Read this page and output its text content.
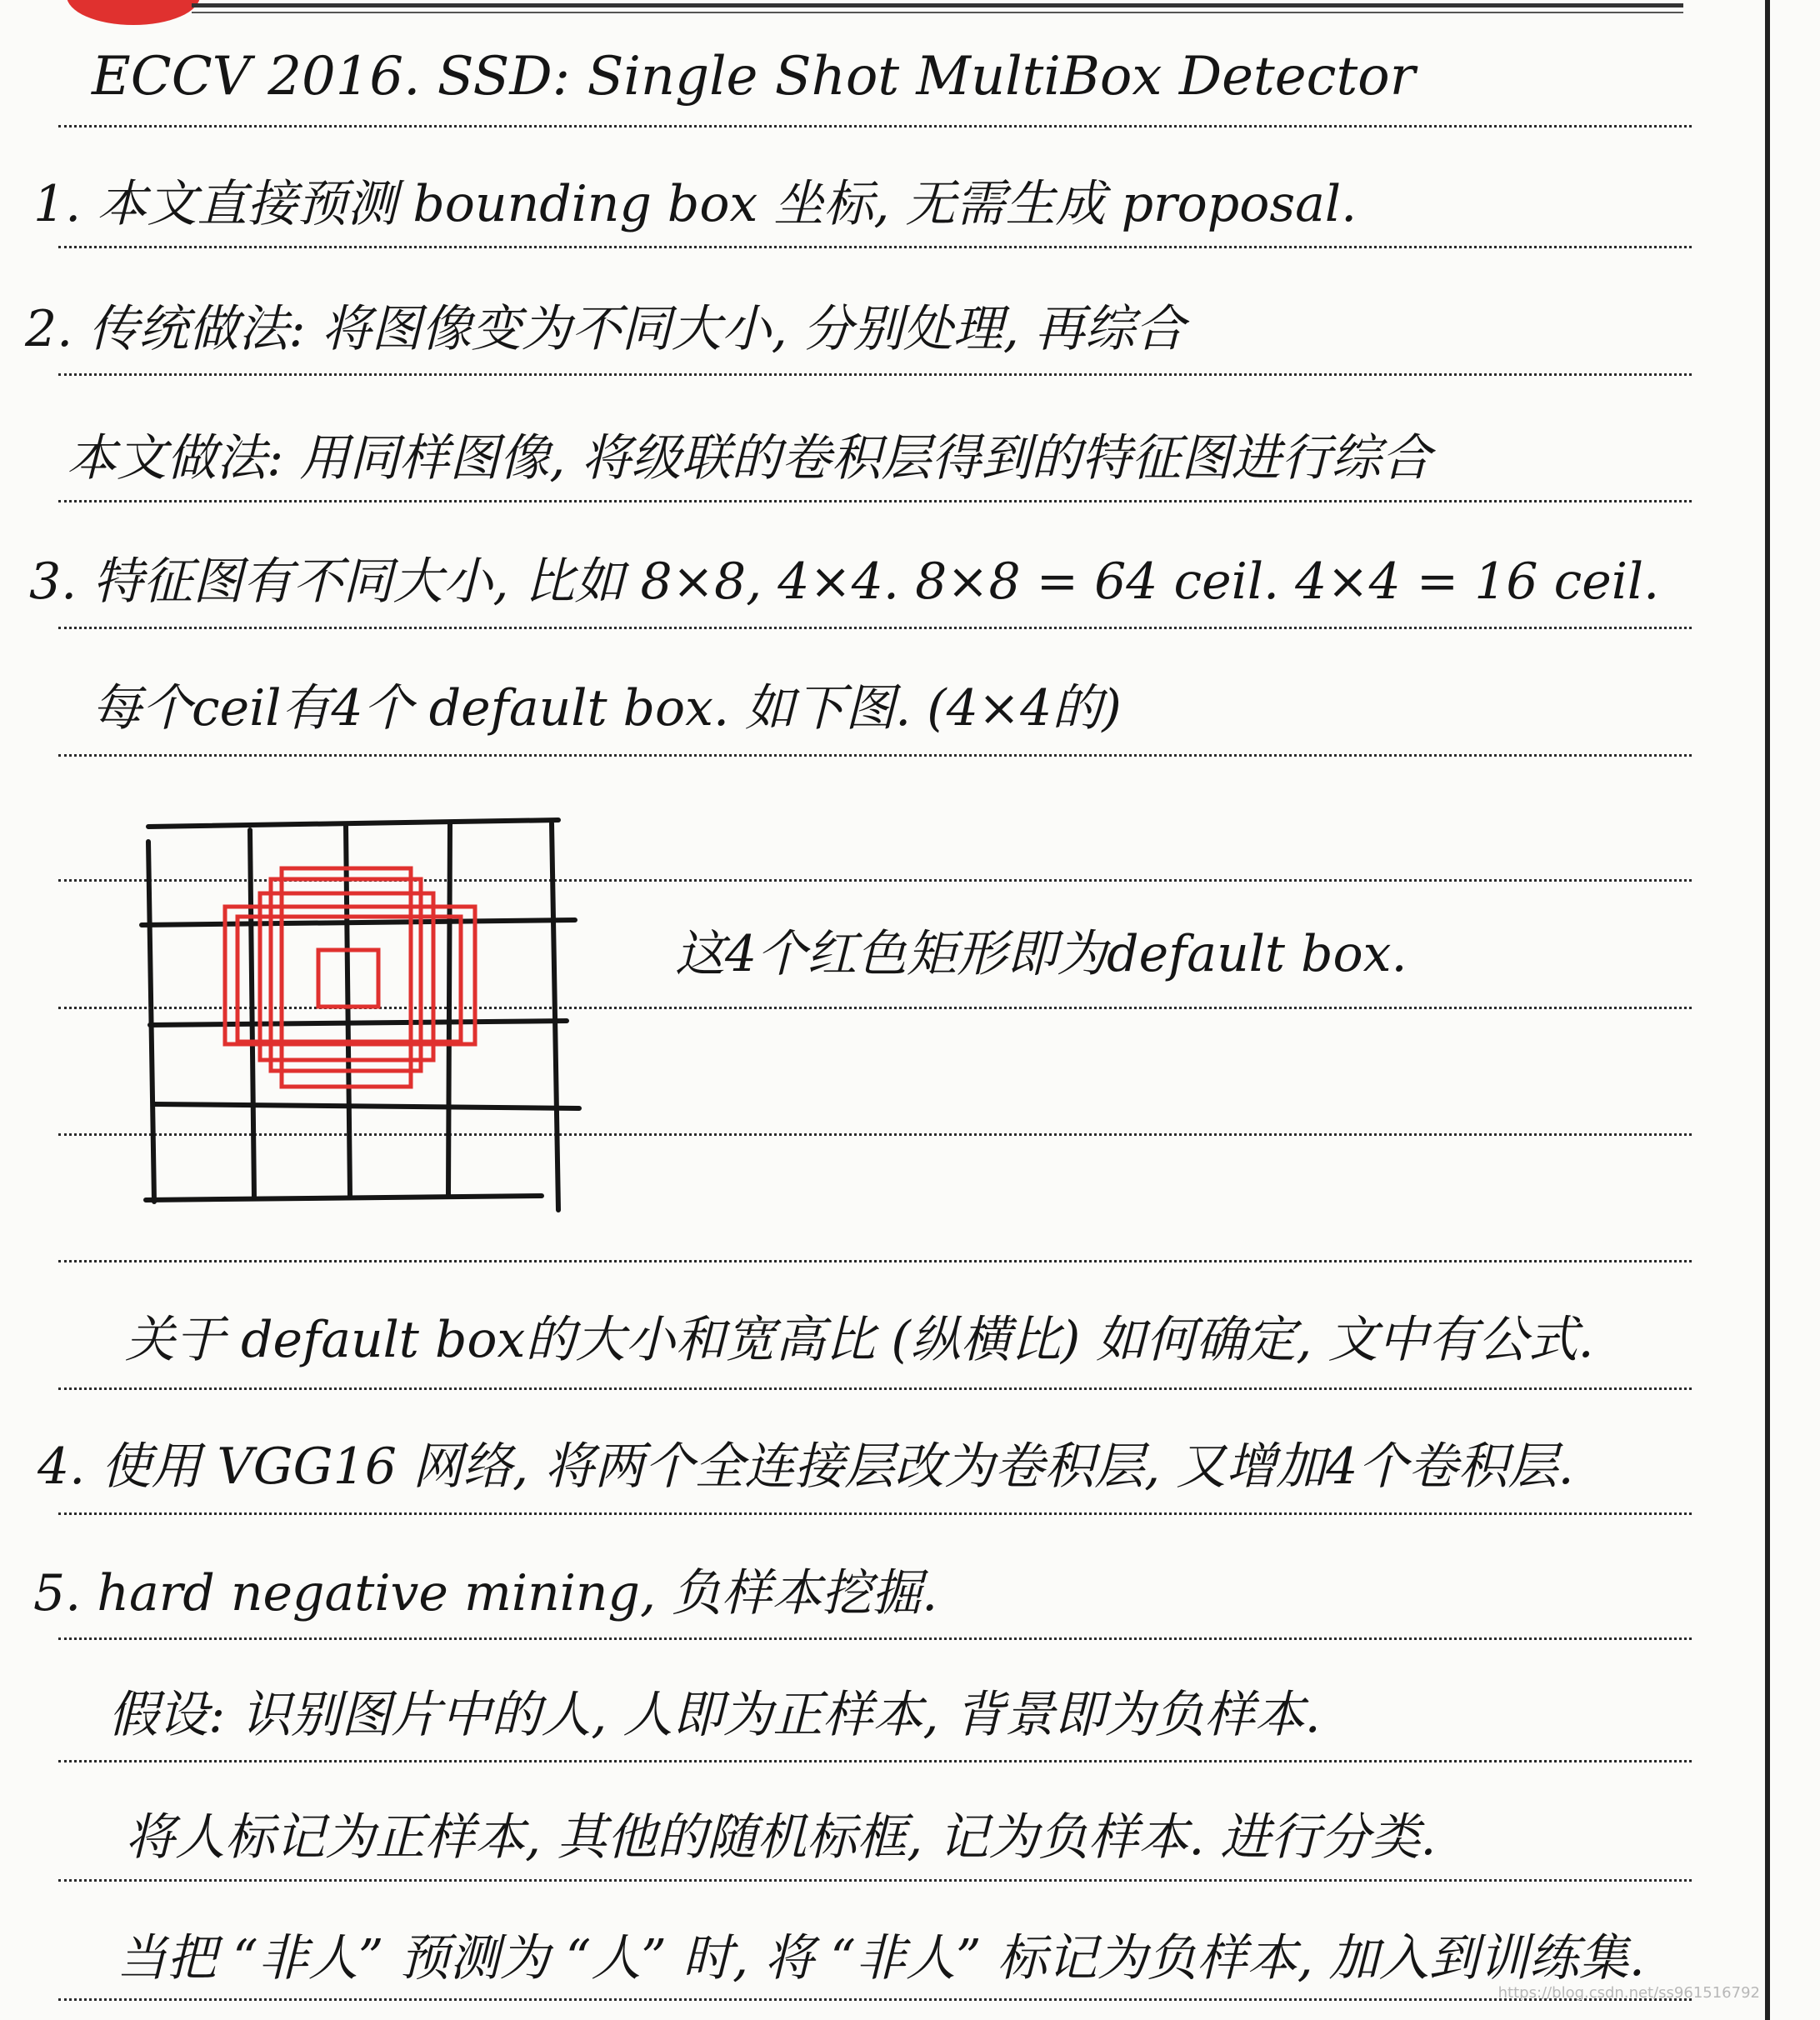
ECCV 2016. SSD: Single Shot MultiBox Detector
1. 本文直接预测 bounding box 坐标, 无需生成 proposal.
2. 传统做法: 将图像变为不同大小, 分别处理, 再综合
本文做法: 用同样图像, 将级联的卷积层得到的特征图进行综合
3. 特征图有不同大小, 比如 8×8, 4×4. 8×8 = 64 ceil. 4×4 = 16 ceil.
每个ceil有4个 default box. 如下图. (4×4的)
这4个红色矩形即为default box.
关于 default box的大小和宽高比 (纵横比) 如何确定, 文中有公式.
4. 使用 VGG16 网络, 将两个全连接层改为卷积层, 又增加4个卷积层.
5. hard negative mining, 负样本挖掘.
假设: 识别图片中的人, 人即为正样本, 背景即为负样本.
将人标记为正样本, 其他的随机标框, 记为负样本. 进行分类.
当把 “非人” 预测为 “人” 时, 将 “非人” 标记为负样本, 加入到训练集.
https://blog.csdn.net/ss961516792
